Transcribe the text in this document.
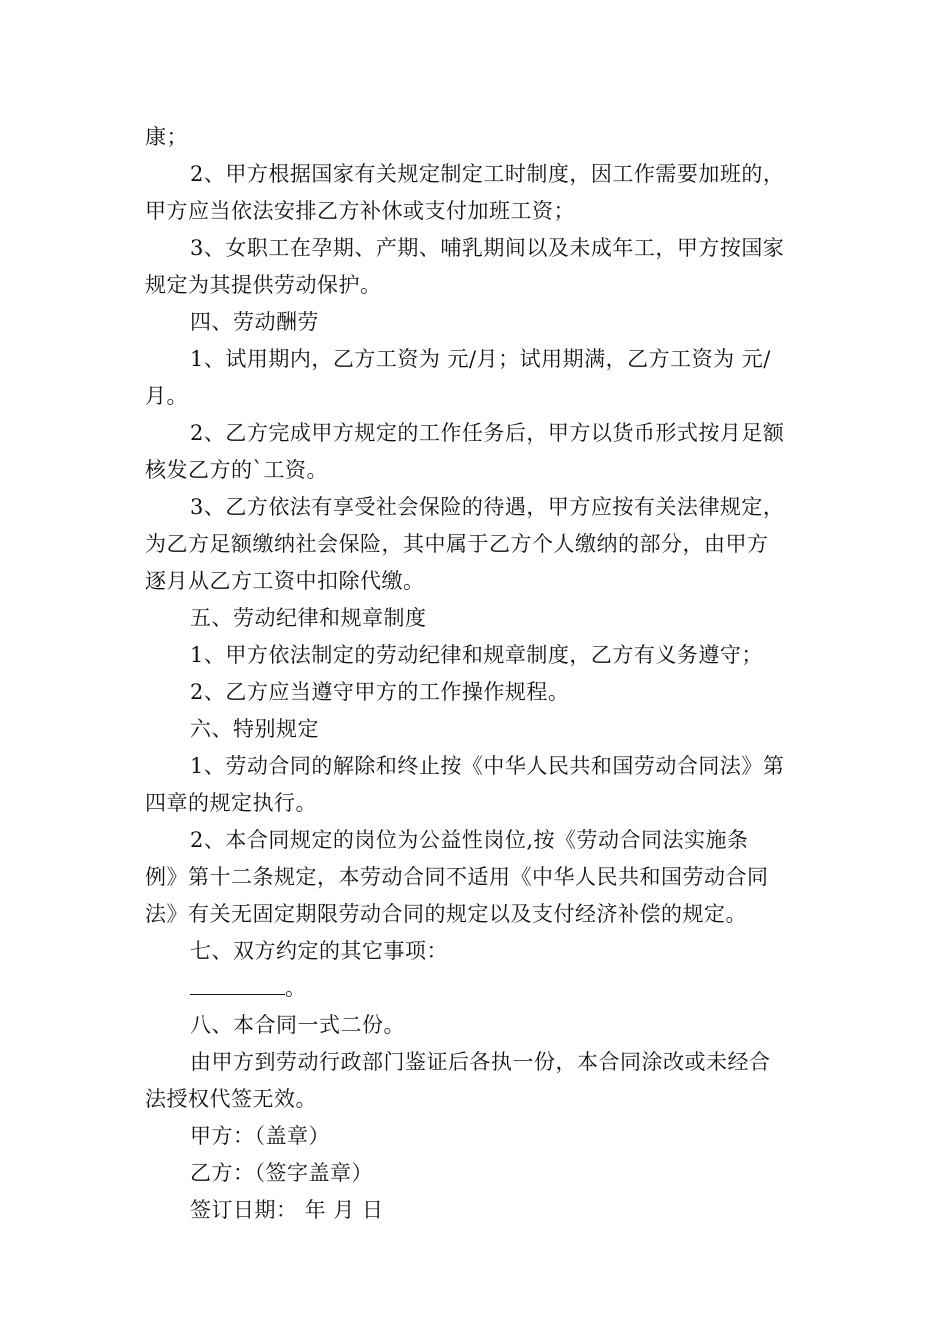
康；
2、甲方根据国家有关规定制定工时制度，因工作需要加班的，
甲方应当依法安排乙方补休或支付加班工资；
3、女职工在孕期、产期、哺乳期间以及未成年工，甲方按国家
规定为其提供劳动保护。
四、劳动酬劳
1、试用期内，乙方工资为 元/月；试用期满，乙方工资为 元/
月。
2、乙方完成甲方规定的工作任务后，甲方以货币形式按月足额
核发乙方的`工资。
3、乙方依法有享受社会保险的待遇，甲方应按有关法律规定，
为乙方足额缴纳社会保险，其中属于乙方个人缴纳的部分，由甲方
逐月从乙方工资中扣除代缴。
五、劳动纪律和规章制度
1、甲方依法制定的劳动纪律和规章制度，乙方有义务遵守；
2、乙方应当遵守甲方的工作操作规程。
六、特别规定
1、劳动合同的解除和终止按《中华人民共和国劳动合同法》第
四章的规定执行。
2、本合同规定的岗位为公益性岗位,按《劳动合同法实施条
例》第十二条规定，本劳动合同不适用《中华人民共和国劳动合同
法》有关无固定期限劳动合同的规定以及支付经济补偿的规定。
七、双方约定的其它事项：
。
八、本合同一式二份。
由甲方到劳动行政部门鉴证后各执一份，本合同涂改或未经合
法授权代签无效。
甲方：（盖章）
乙方：（签字盖章）
签订日期： 年 月 日
